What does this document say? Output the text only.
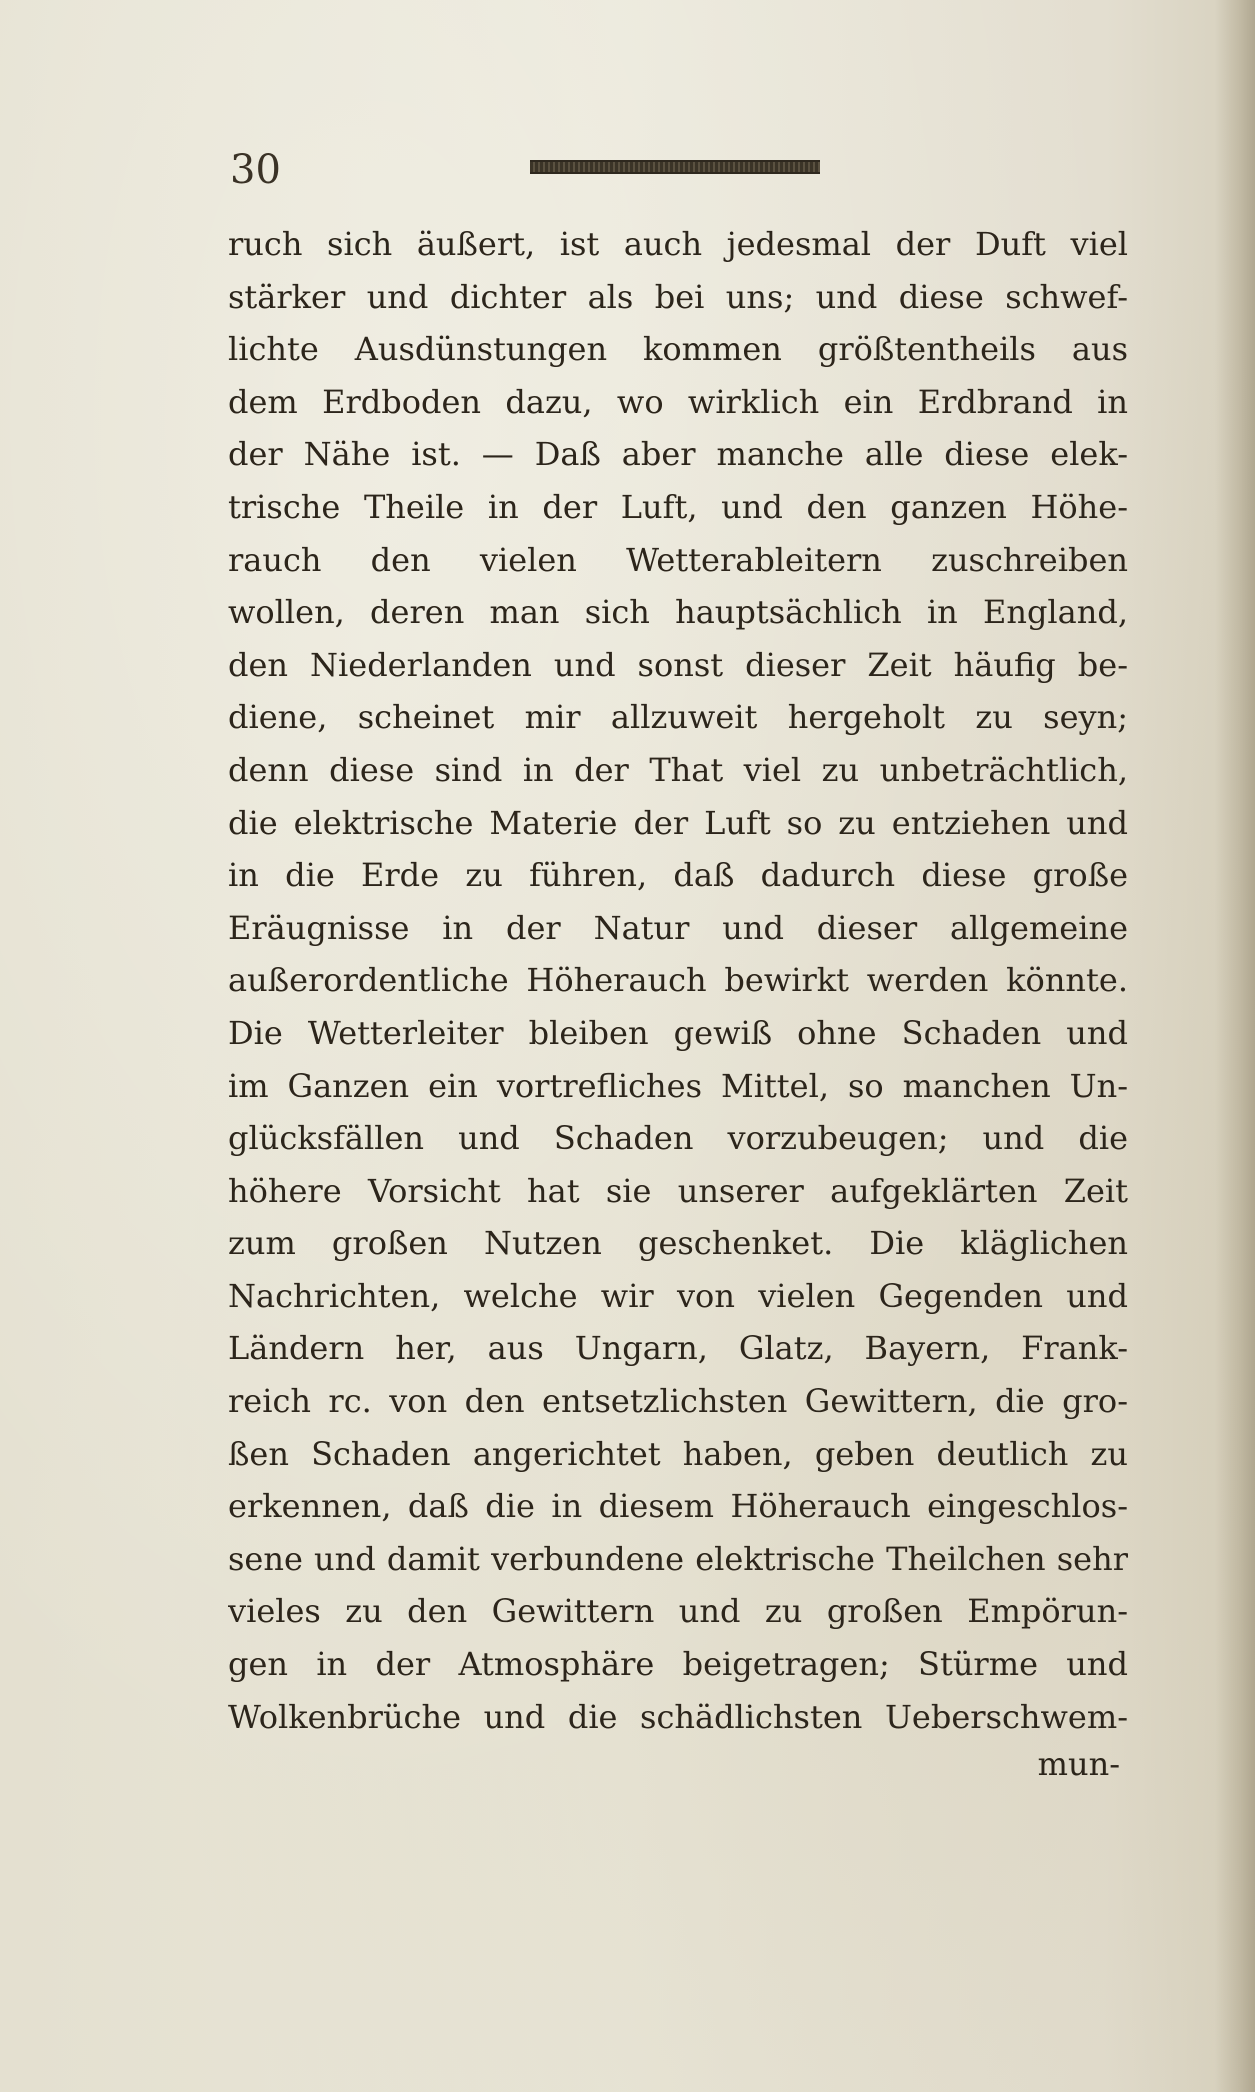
30
ruch sich äußert, ist auch jedesmal der Duft viel
stärker und dichter als bei uns; und diese schwef-
lichte Ausdünstungen kommen größtentheils aus
dem Erdboden dazu, wo wirklich ein Erdbrand in
der Nähe ist. — Daß aber manche alle diese elek-
trische Theile in der Luft, und den ganzen Höhe-
rauch den vielen Wetterableitern zuschreiben
wollen, deren man sich hauptsächlich in England,
den Niederlanden und sonst dieser Zeit häufig be-
diene, scheinet mir allzuweit hergeholt zu seyn;
denn diese sind in der That viel zu unbeträchtlich,
die elektrische Materie der Luft so zu entziehen und
in die Erde zu führen, daß dadurch diese große
Eräugnisse in der Natur und dieser allgemeine
außerordentliche Höherauch bewirkt werden könnte.
Die Wetterleiter bleiben gewiß ohne Schaden und
im Ganzen ein vortrefliches Mittel, so manchen Un-
glücksfällen und Schaden vorzubeugen; und die
höhere Vorsicht hat sie unserer aufgeklärten Zeit
zum großen Nutzen geschenket. Die kläglichen
Nachrichten, welche wir von vielen Gegenden und
Ländern her, aus Ungarn, Glatz, Bayern, Frank-
reich rc. von den entsetzlichsten Gewittern, die gro-
ßen Schaden angerichtet haben, geben deutlich zu
erkennen, daß die in diesem Höherauch eingeschlos-
sene und damit verbundene elektrische Theilchen sehr
vieles zu den Gewittern und zu großen Empörun-
gen in der Atmosphäre beigetragen; Stürme und
Wolkenbrüche und die schädlichsten Ueberschwem-
mun-
